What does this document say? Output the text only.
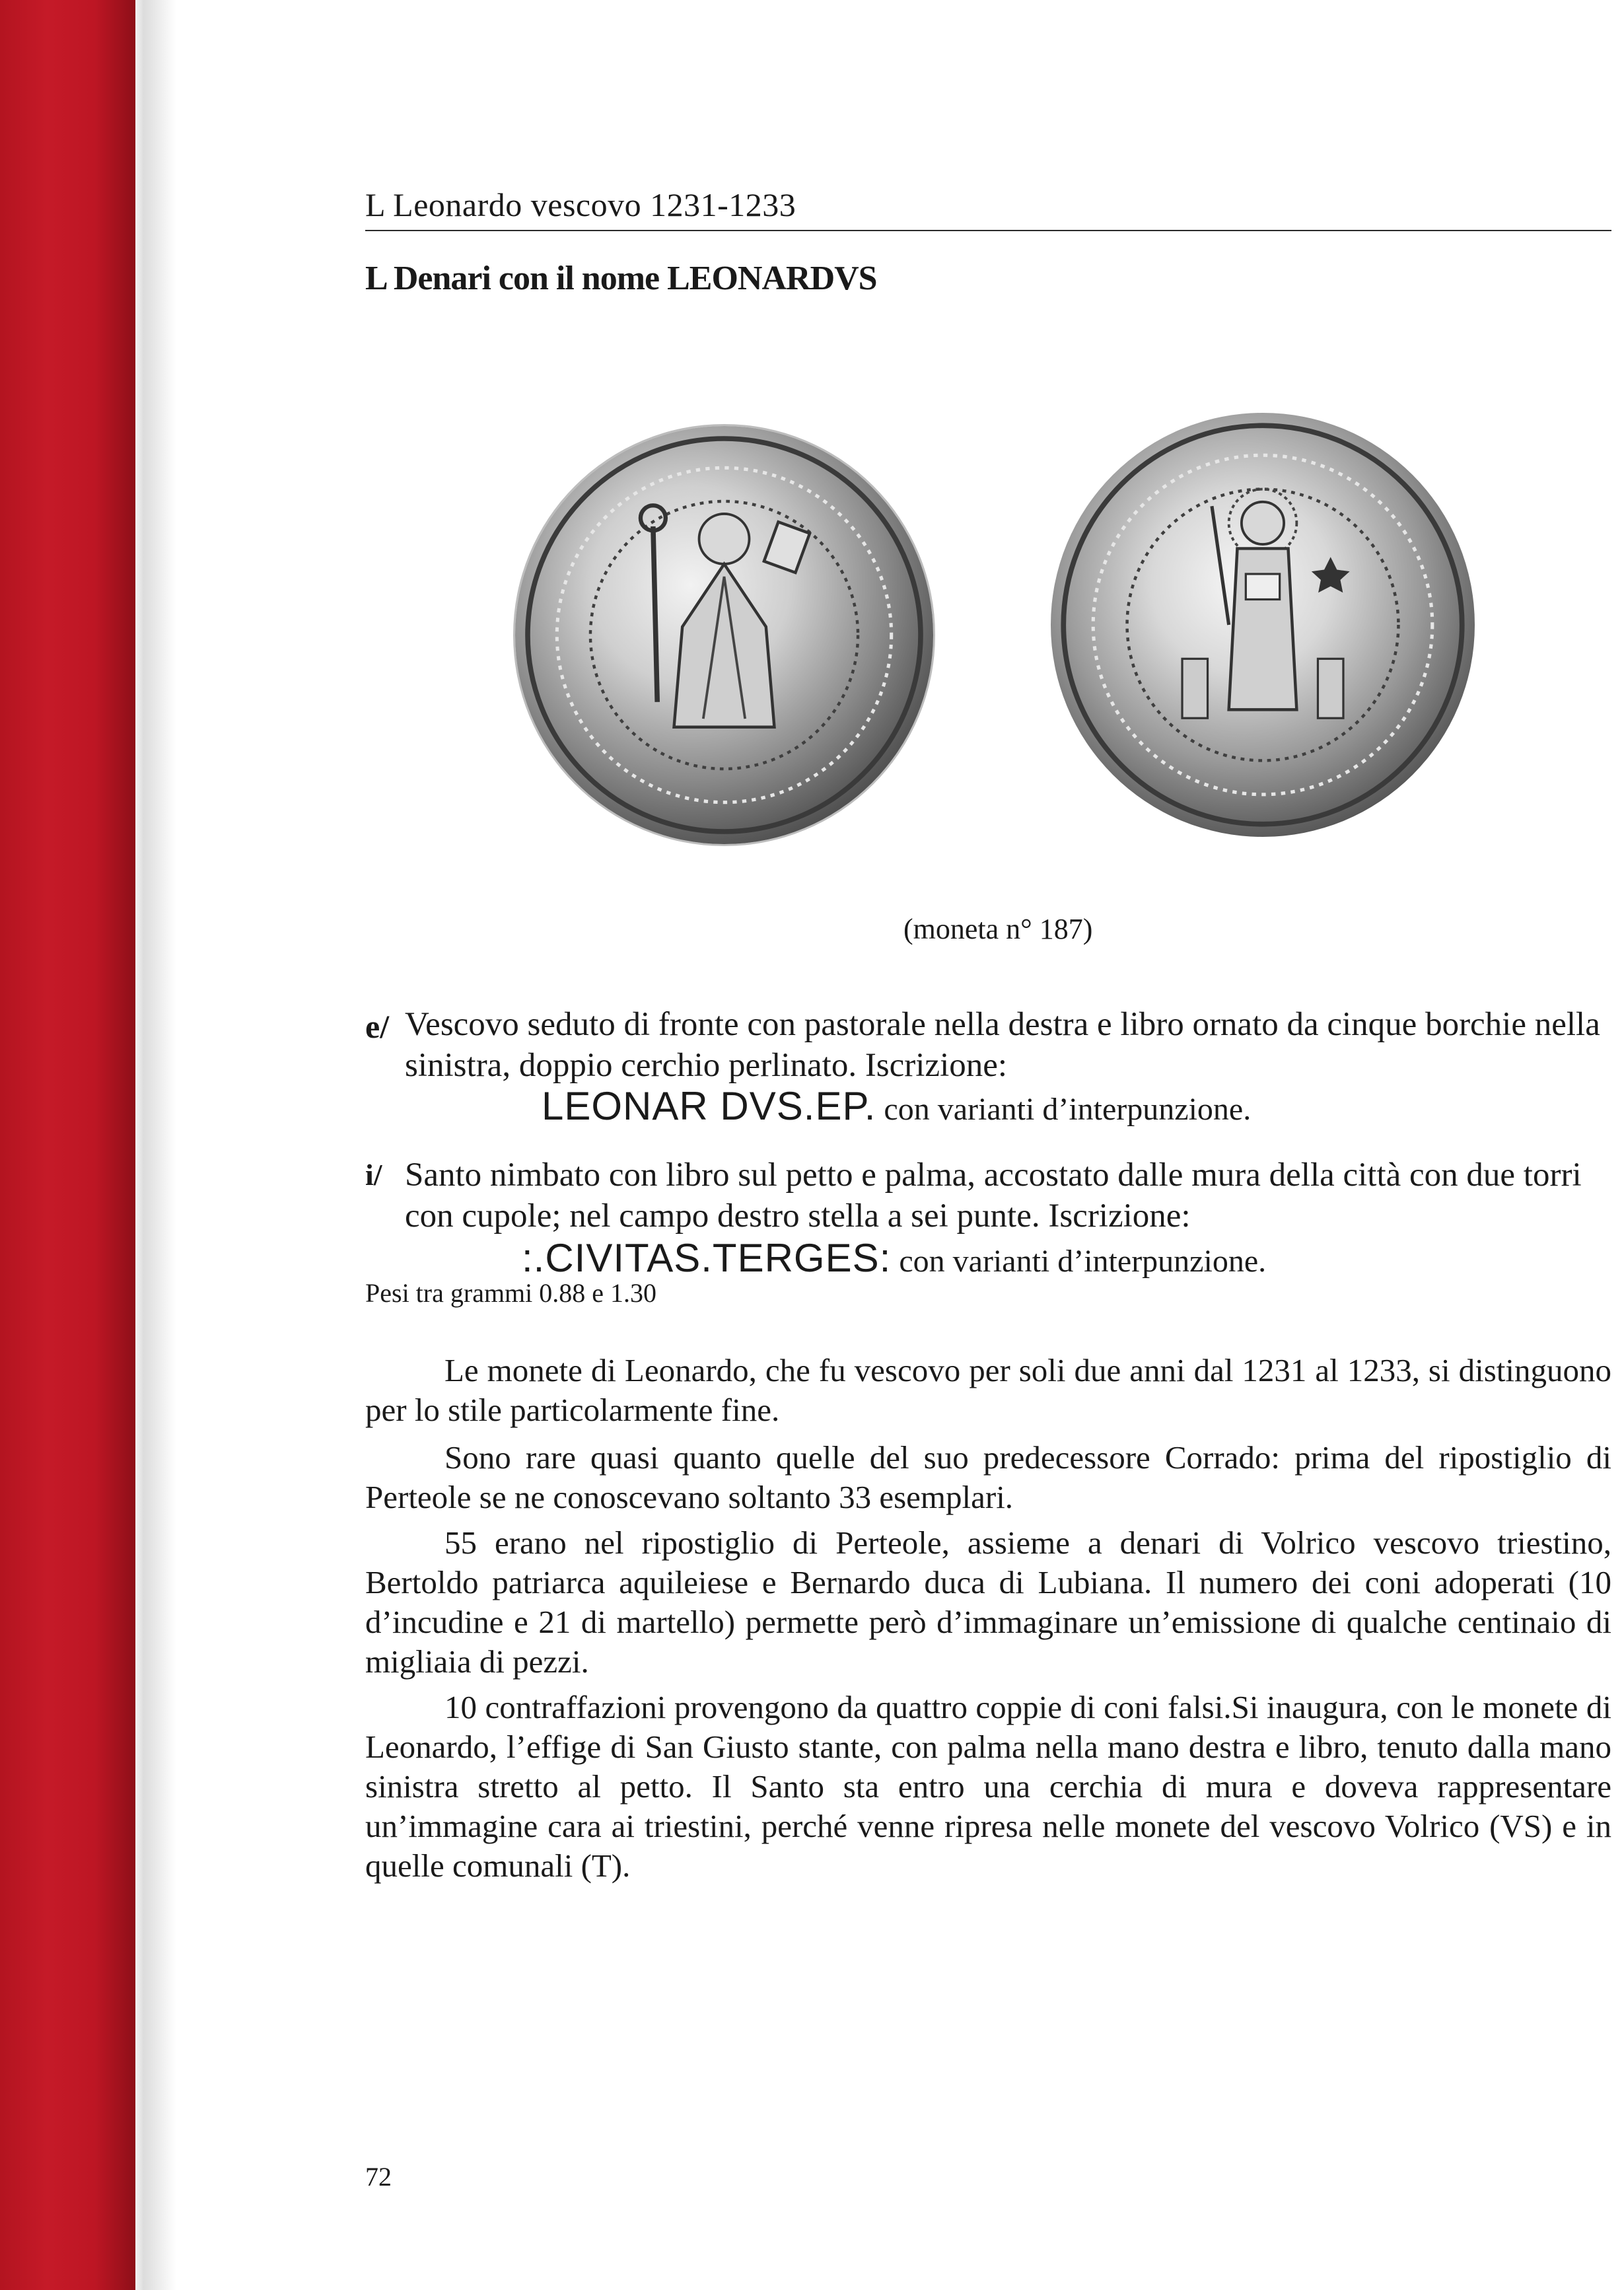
L Leonardo vescovo 1231-1233
L Denari con il nome LEONARDVS
(moneta n° 187)
e/ Vescovo seduto di fronte con pastorale nella destra e libro ornato da cinque borchie nella sinistra, doppio cerchio perlinato. Iscrizione:
LEONAR DVS.EP. con varianti d’interpunzione.
i/ Santo nimbato con libro sul petto e palma, accostato dalle mura della città con due torri con cupole; nel campo destro stella a sei punte. Iscrizione:
:.CIVITAS.TERGES: con varianti d’interpunzione.
Pesi tra grammi 0.88 e 1.30
Le monete di Leonardo, che fu vescovo per soli due anni dal 1231 al 1233, si distinguono per lo stile particolarmente fine.
Sono rare quasi quanto quelle del suo predecessore Corrado: prima del ripostiglio di Perteole se ne conoscevano soltanto 33 esemplari.
55 erano nel ripostiglio di Perteole, assieme a denari di Volrico vescovo triestino, Bertoldo patriarca aquileiese e Bernardo duca di Lubiana. Il numero dei coni adoperati (10 d’incudine e 21 di martello) permette però d’immaginare un’emissione di qualche centinaio di migliaia di pezzi.
10 contraffazioni provengono da quattro coppie di coni falsi.Si inaugura, con le monete di Leonardo, l’effige di San Giusto stante, con palma nella mano destra e libro, tenuto dalla mano sinistra stretto al petto. Il Santo sta entro una cerchia di mura e doveva rappresentare un’immagine cara ai triestini, perché venne ripresa nelle monete del vescovo Volrico (VS) e in quelle comunali (T).
72
